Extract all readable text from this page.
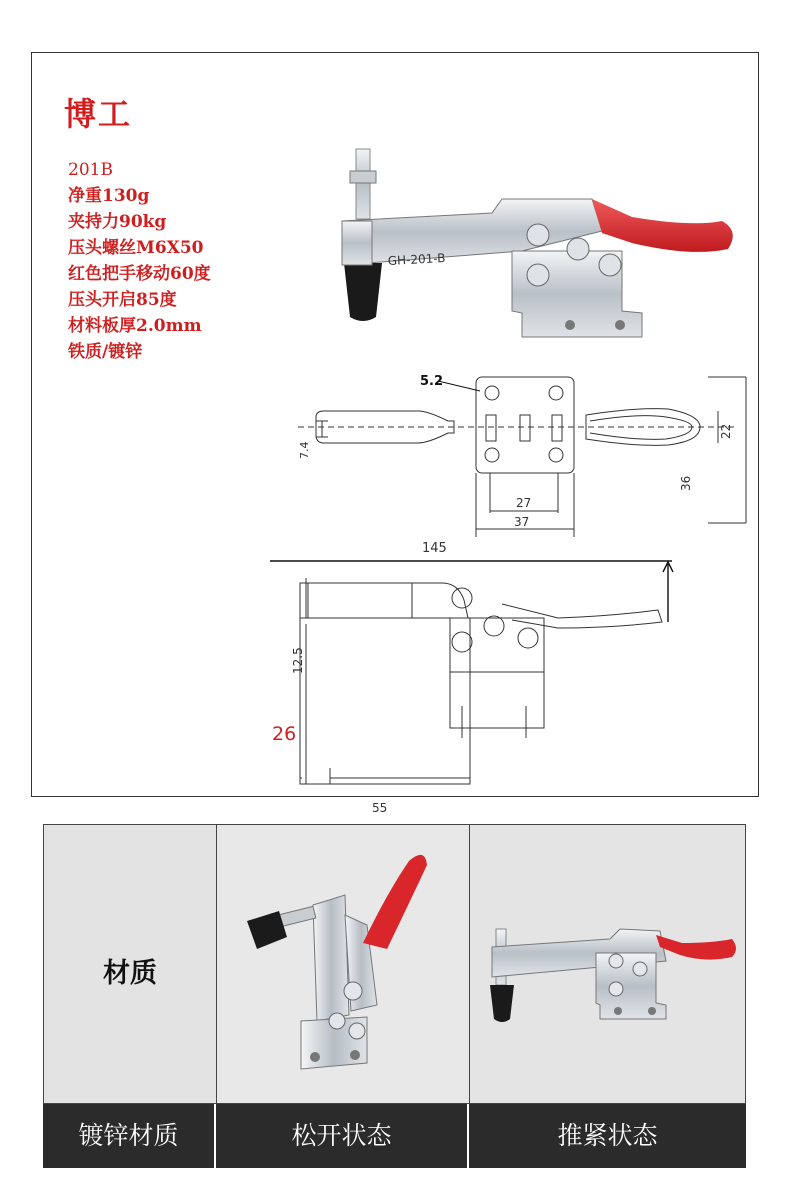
博工
201B
净重130g
夹持力90kg
压头螺丝M6X50
红色把手移动60度
压头开启85度
材料板厚2.0mm
铁质/镀锌
GH-201-B
7.4
5.2
22
36
27
37
145
12.5
26
55
材质
镀锌材质	松开状态	推紧状态
